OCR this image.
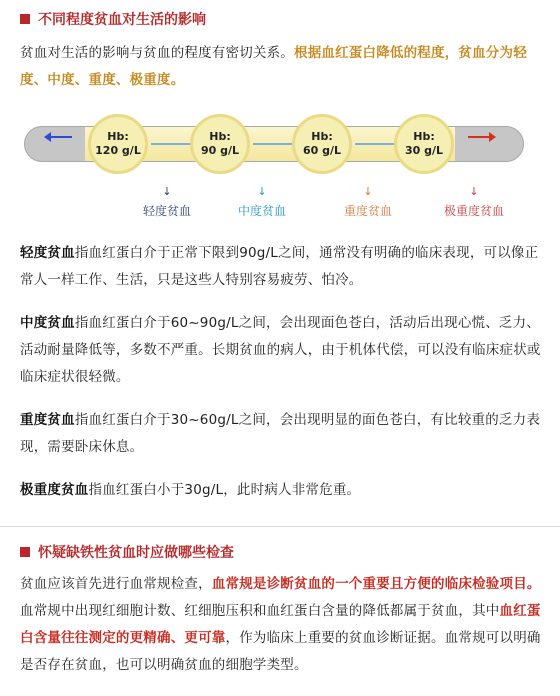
不同程度贫血对生活的影响

贫血对生活的影响与贫血的程度有密切关系。根据血红蛋白降低的程度，贫血分为轻度、中度、重度、极重度。

Hb:
120 g/L
Hb:
90 g/L
Hb:
60 g/L
Hb:
30 g/L
↓
轻度贫血
↓
中度贫血
↓
重度贫血
↓
极重度贫血

轻度贫血指血红蛋白介于正常下限到90g/L之间，通常没有明确的临床表现，可以像正常人一样工作、生活，只是这些人特别容易疲劳、怕冷。

中度贫血指血红蛋白介于60~90g/L之间，会出现面色苍白，活动后出现心慌、乏力、活动耐量降低等，多数不严重。长期贫血的病人，由于机体代偿，可以没有临床症状或临床症状很轻微。

重度贫血指血红蛋白介于30~60g/L之间，会出现明显的面色苍白，有比较重的乏力表现，需要卧床休息。

极重度贫血指血红蛋白小于30g/L，此时病人非常危重。

怀疑缺铁性贫血时应做哪些检查

贫血应该首先进行血常规检查，血常规是诊断贫血的一个重要且方便的临床检验项目。血常规中出现红细胞计数、红细胞压积和血红蛋白含量的降低都属于贫血，其中血红蛋白含量往往测定的更精确、更可靠，作为临床上重要的贫血诊断证据。血常规可以明确是否存在贫血，也可以明确贫血的细胞学类型。
